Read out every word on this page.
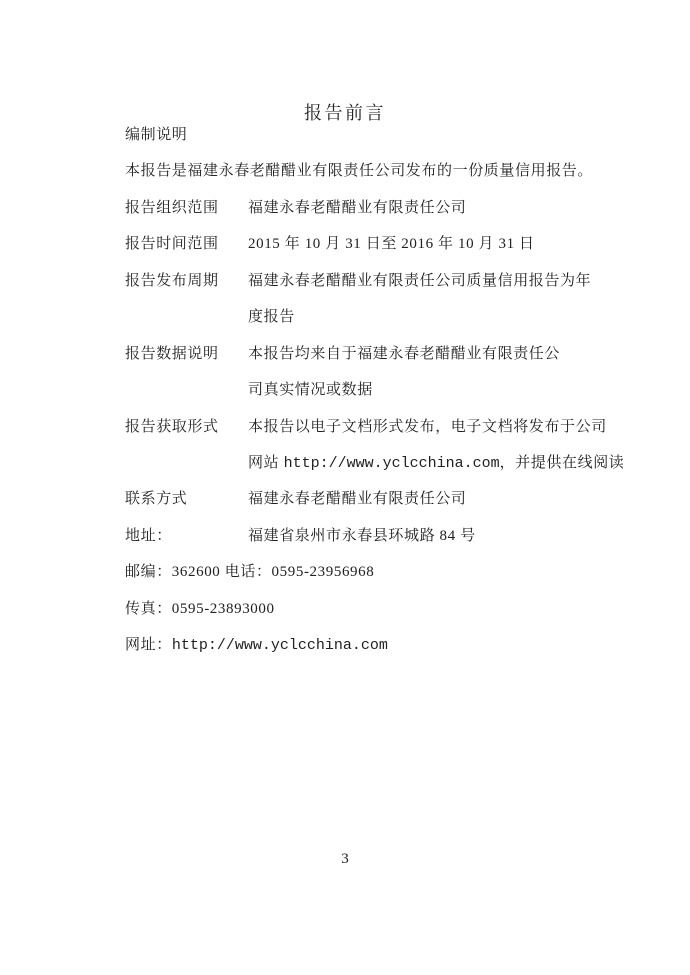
报告前言
编制说明
本报告是福建永春老醋醋业有限责任公司发布的一份质量信用报告。
报告组织范围	福建永春老醋醋业有限责任公司
报告时间范围	2015 年 10 月 31 日至 2016 年 10 月 31 日
报告发布周期	福建永春老醋醋业有限责任公司质量信用报告为年
度报告
报告数据说明	本报告均来自于福建永春老醋醋业有限责任公
司真实情况或数据
报告获取形式	本报告以电子文档形式发布，电子文档将发布于公司
网站 http://www.yclcchina.com，并提供在线阅读
联系方式	福建永春老醋醋业有限责任公司
地址：	福建省泉州市永春县环城路 84 号
邮编：362600 电话：0595-23956968
传真：0595-23893000
网址：http://www.yclcchina.com
3
